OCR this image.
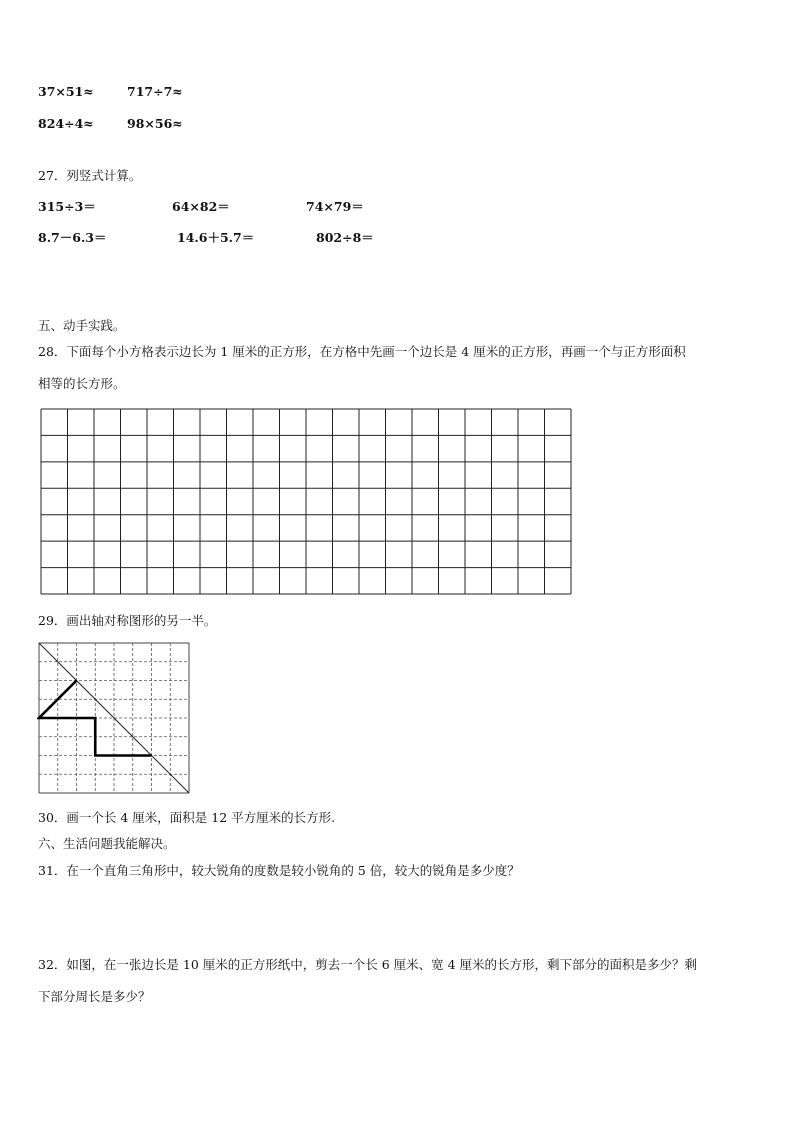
37×51≈	717÷7≈
824÷4≈	98×56≈
27．列竖式计算。
315÷3＝	64×82＝	74×79＝
8.7－6.3＝	14.6＋5.7＝	802÷8＝
五、动手实践。
28．下面每个小方格表示边长为 1 厘米的正方形，在方格中先画一个边长是 4 厘米的正方形，再画一个与正方形面积
相等的长方形。
29．画出轴对称图形的另一半。
30．画一个长 4 厘米，面积是 12 平方厘米的长方形.
六、生活问题我能解决。
31．在一个直角三角形中，较大锐角的度数是较小锐角的 5 倍，较大的锐角是多少度？
32．如图，在一张边长是 10 厘米的正方形纸中，剪去一个长 6 厘米、宽 4 厘米的长方形，剩下部分的面积是多少？剩
下部分周长是多少？
